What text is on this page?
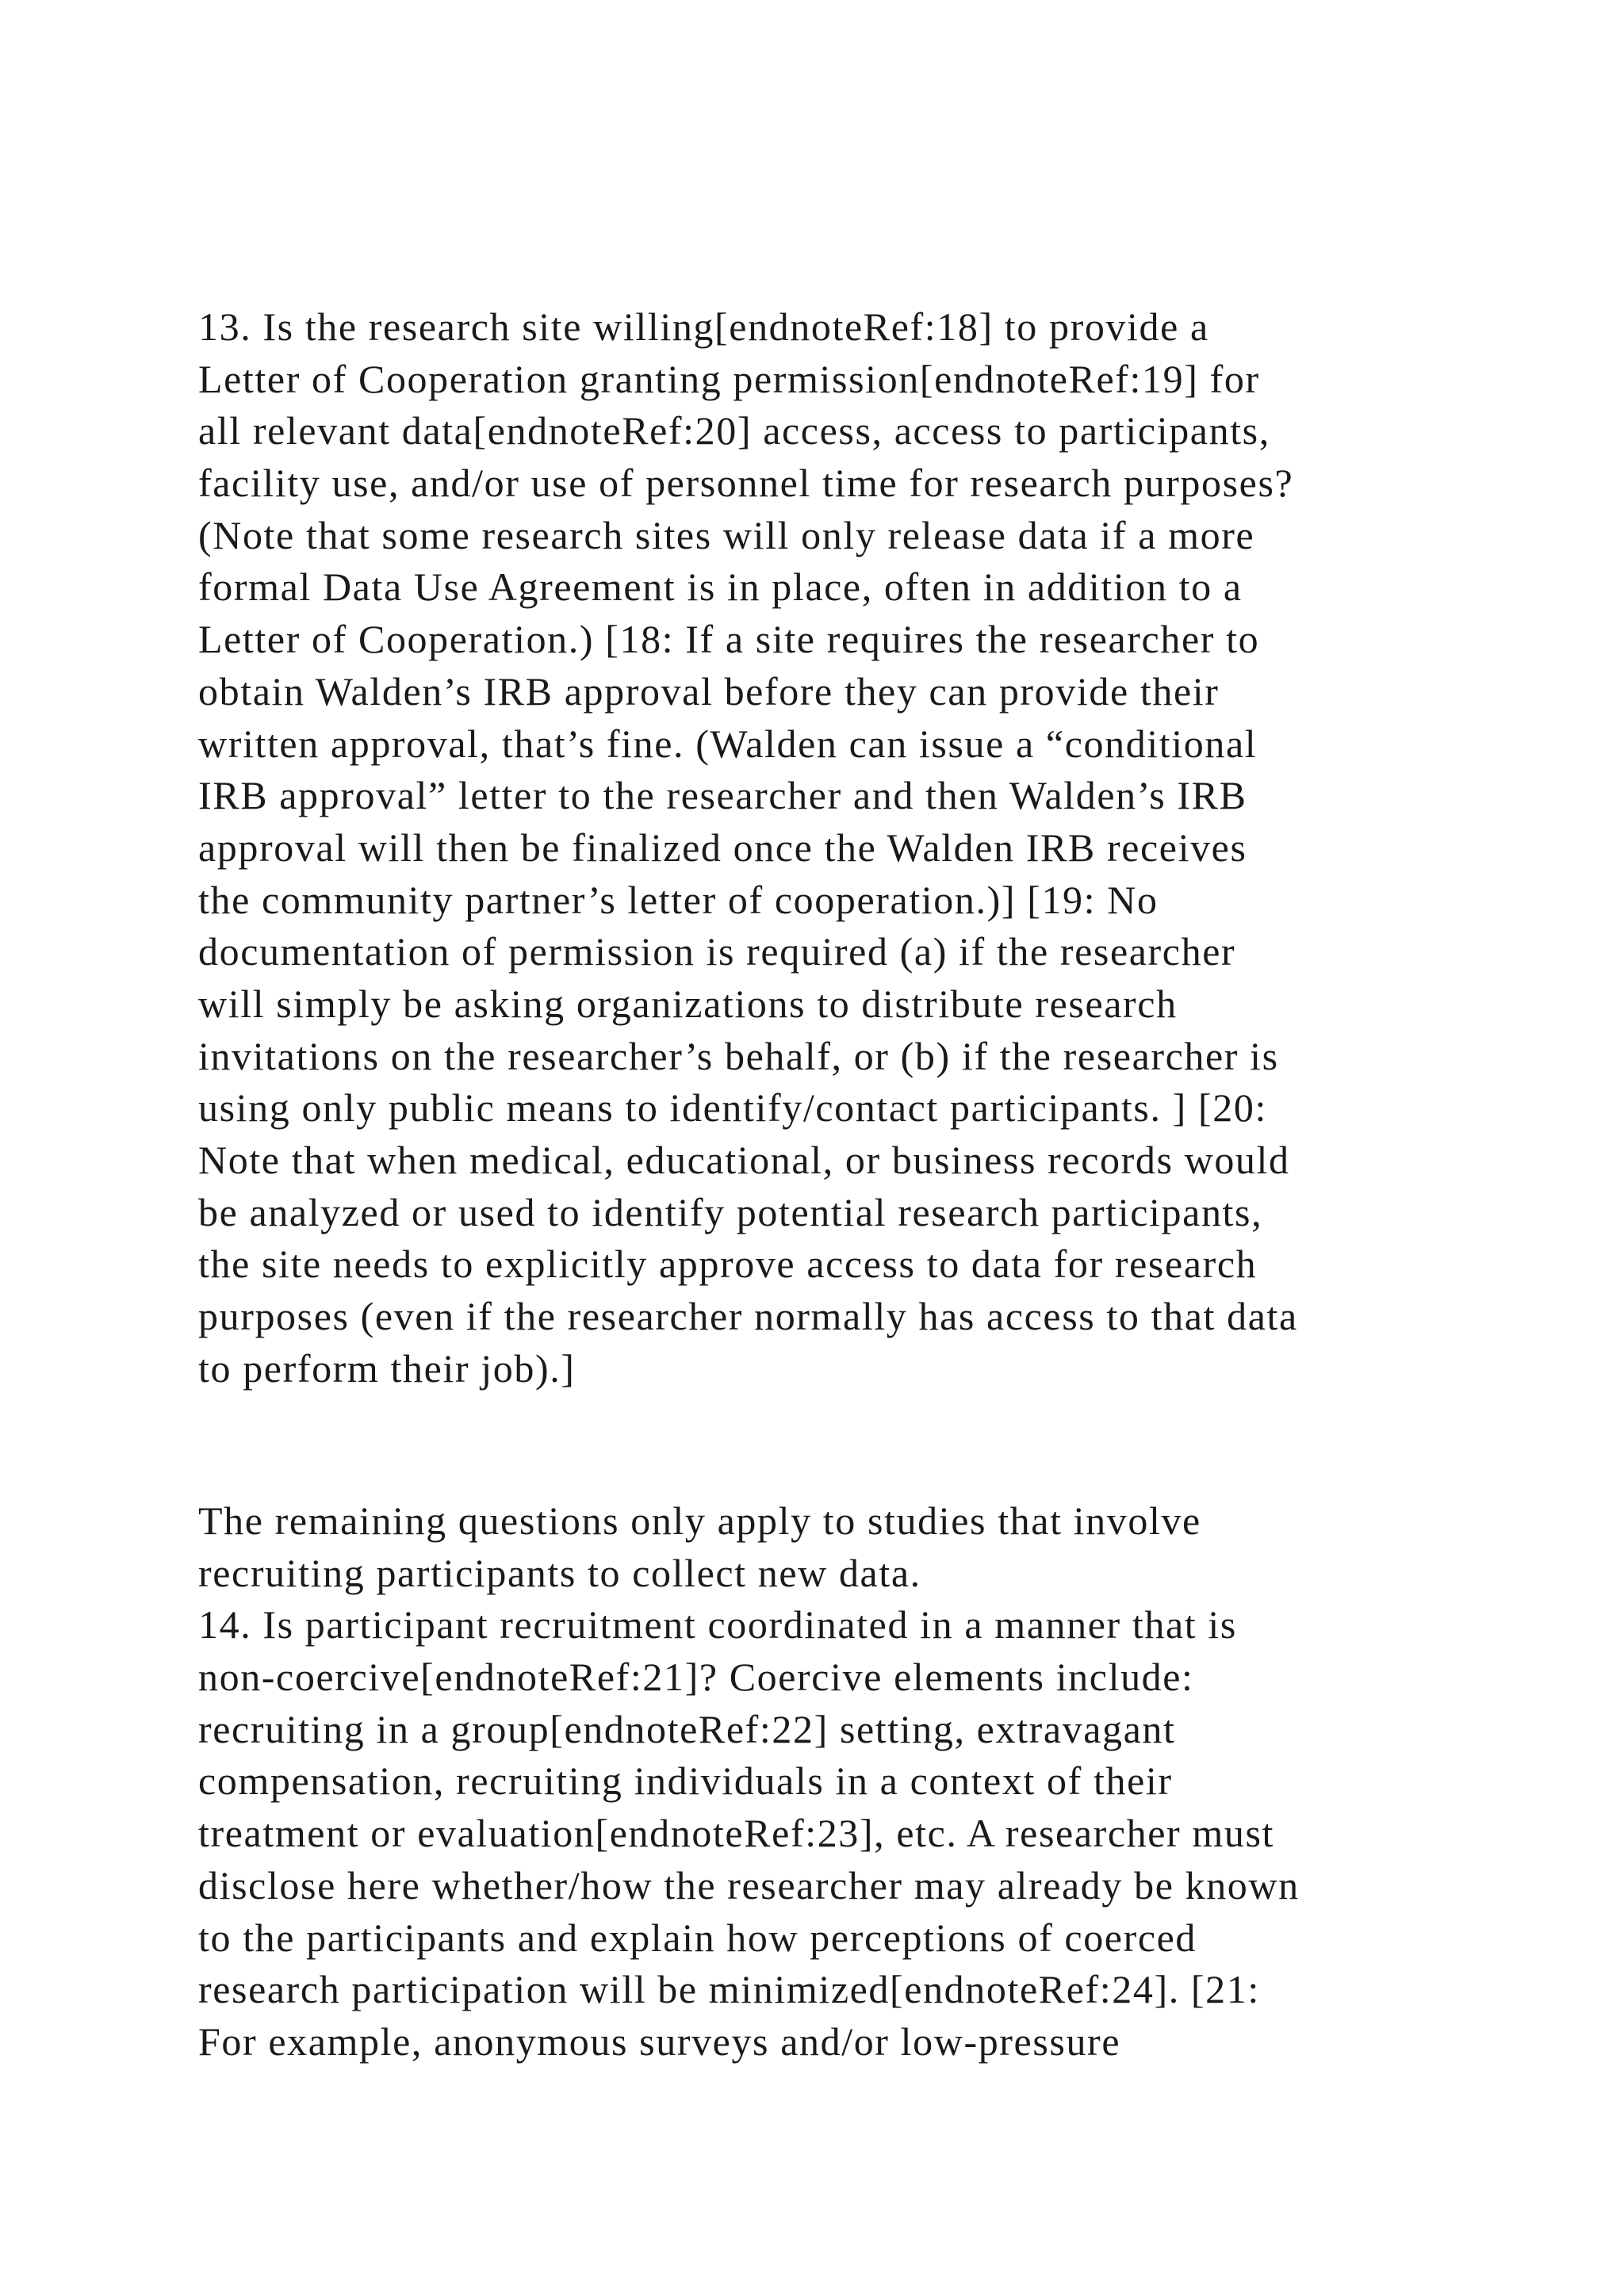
13. Is the research site willing[endnoteRef:18] to provide a
Letter of Cooperation granting permission[endnoteRef:19] for
all relevant data[endnoteRef:20] access, access to participants,
facility use, and/or use of personnel time for research purposes?
(Note that some research sites will only release data if a more
formal Data Use Agreement is in place, often in addition to a
Letter of Cooperation.) [18: If a site requires the researcher to
obtain Walden’s IRB approval before they can provide their
written approval, that’s fine. (Walden can issue a “conditional
IRB approval” letter to the researcher and then Walden’s IRB
approval will then be finalized once the Walden IRB receives
the community partner’s letter of cooperation.)] [19: No
documentation of permission is required (a) if the researcher
will simply be asking organizations to distribute research
invitations on the researcher’s behalf, or (b) if the researcher is
using only public means to identify/contact participants. ] [20:
Note that when medical, educational, or business records would
be analyzed or used to identify potential research participants,
the site needs to explicitly approve access to data for research
purposes (even if the researcher normally has access to that data
to perform their job).]

The remaining questions only apply to studies that involve
recruiting participants to collect new data.
14. Is participant recruitment coordinated in a manner that is
non-coercive[endnoteRef:21]? Coercive elements include:
recruiting in a group[endnoteRef:22] setting, extravagant
compensation, recruiting individuals in a context of their
treatment or evaluation[endnoteRef:23], etc. A researcher must
disclose here whether/how the researcher may already be known
to the participants and explain how perceptions of coerced
research participation will be minimized[endnoteRef:24]. [21:
For example, anonymous surveys and/or low-pressure
